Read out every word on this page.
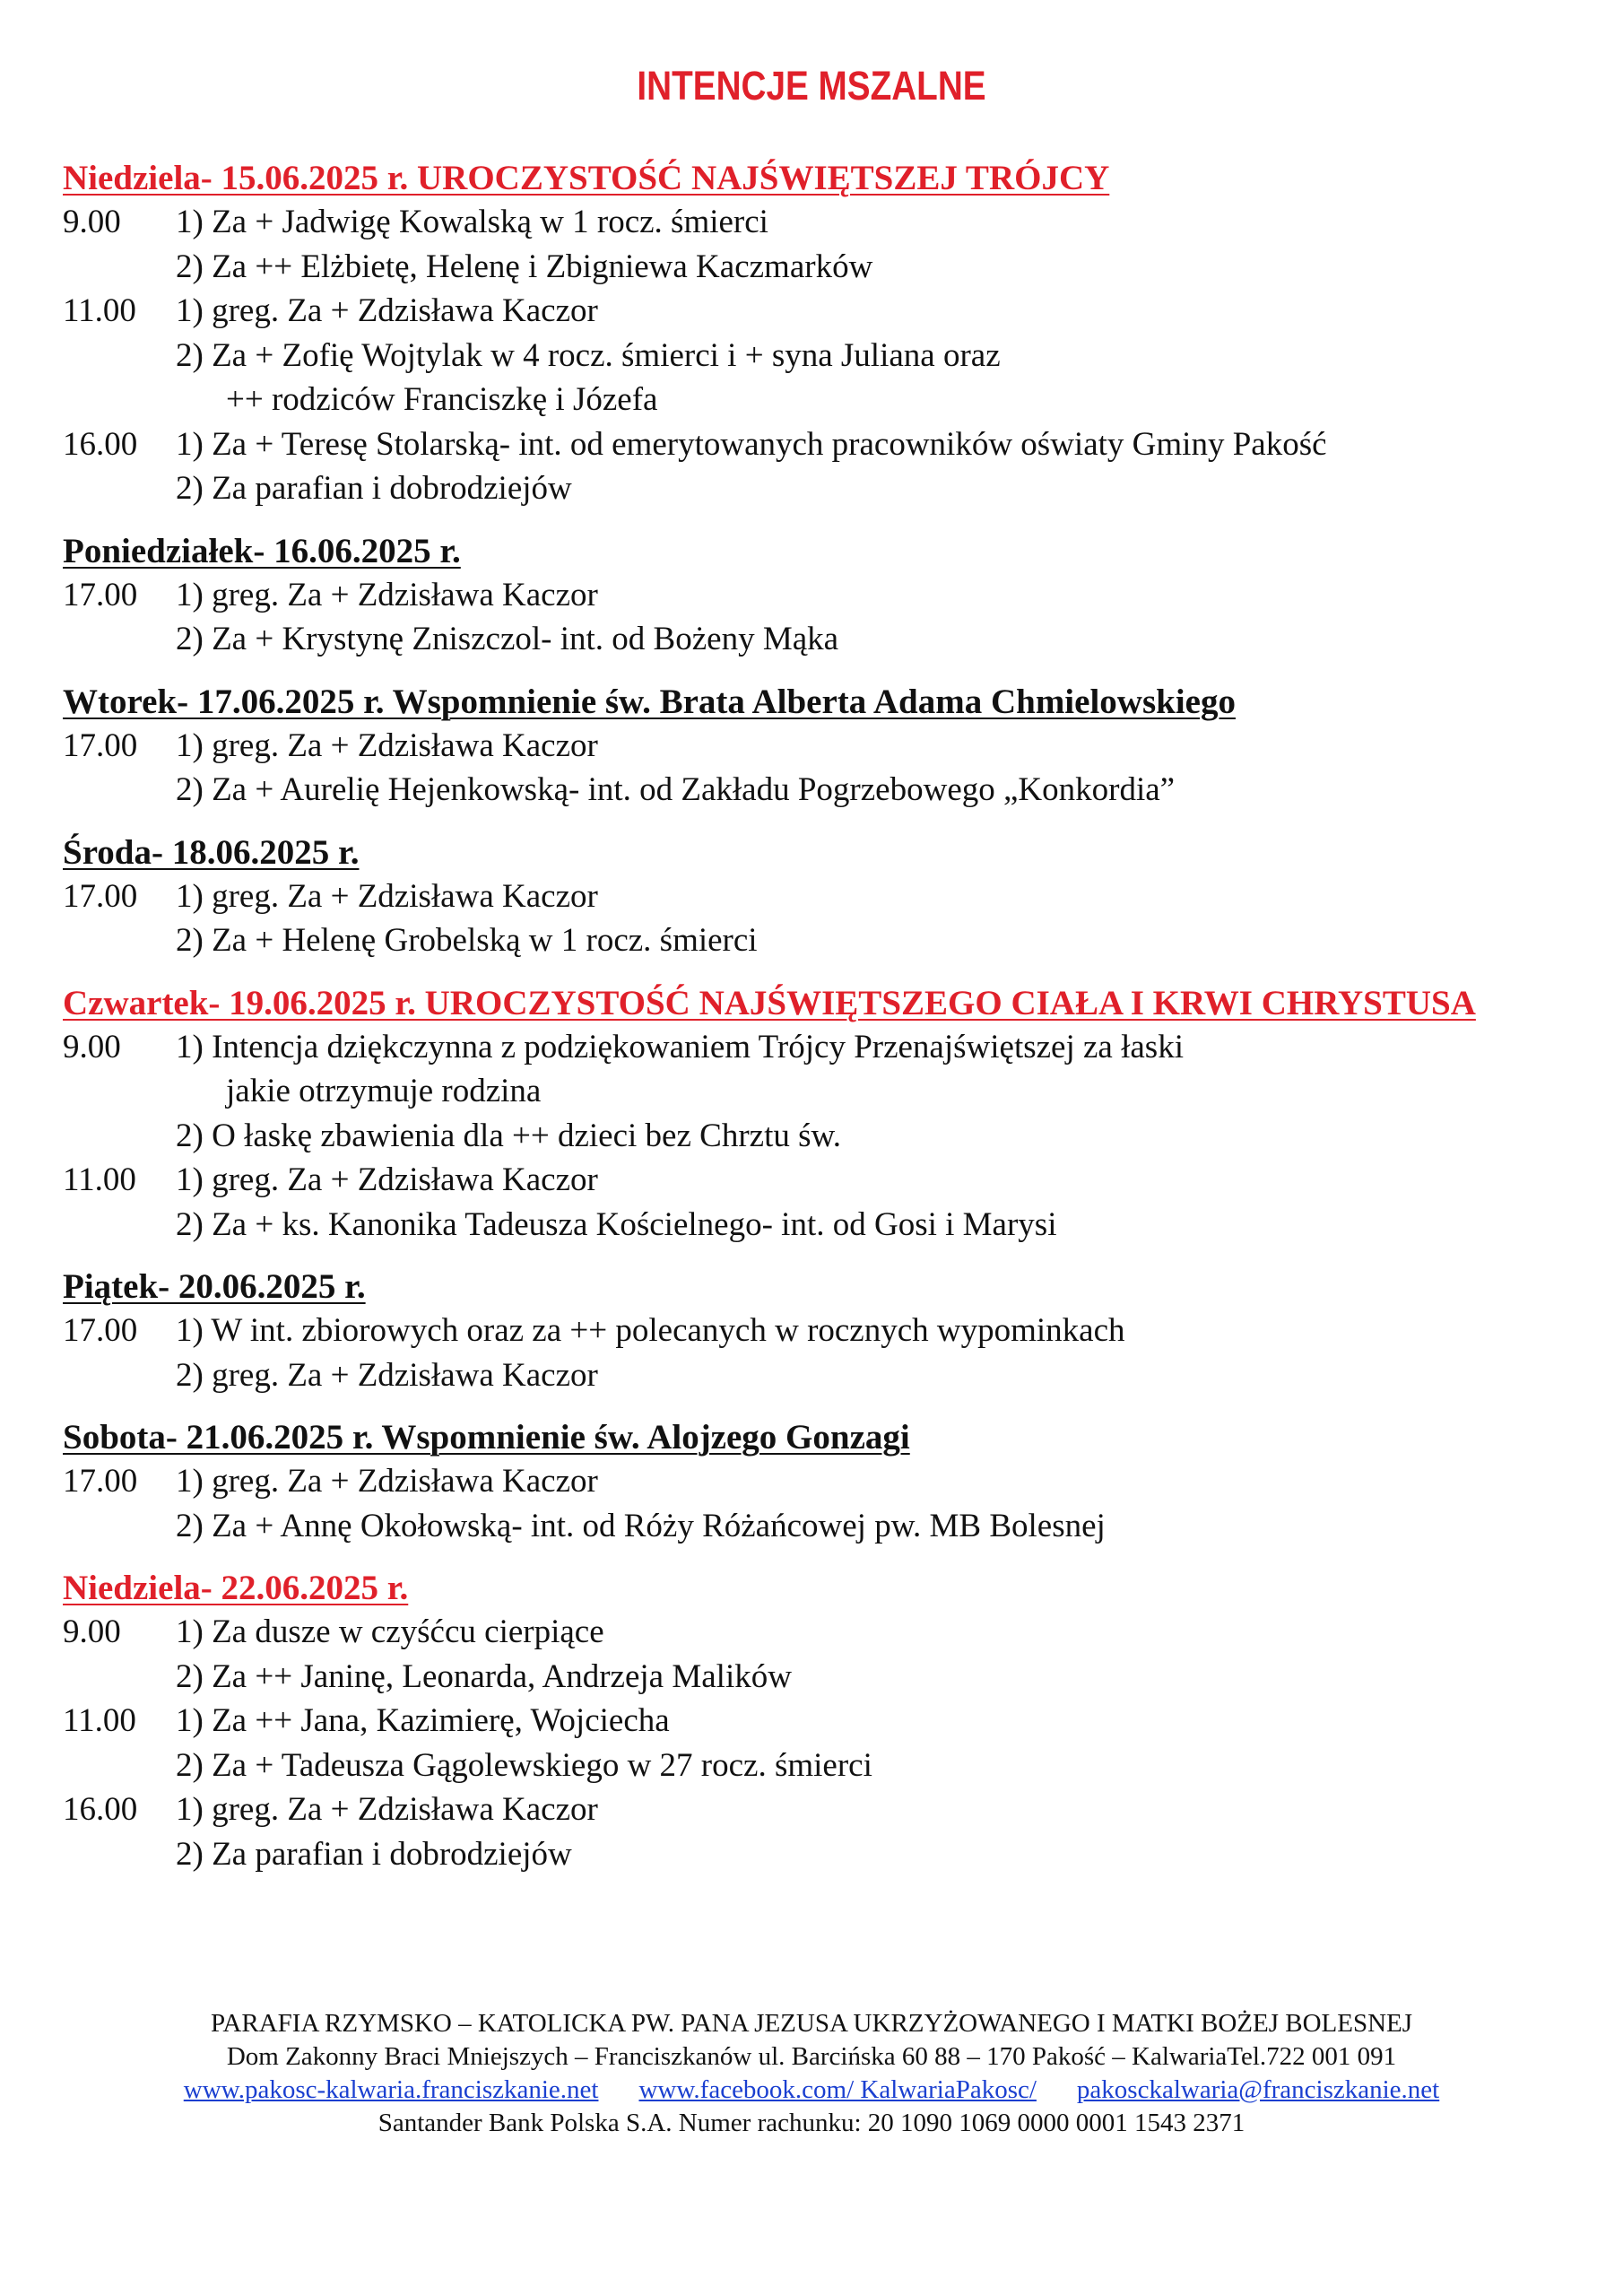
INTENCJE MSZALNE
Niedziela- 15.06.2025 r. UROCZYSTOŚĆ NAJŚWIĘTSZEJ TRÓJCY
9.00 1) Za + Jadwigę Kowalską w 1 rocz. śmierci
2) Za ++ Elżbietę, Helenę i Zbigniewa Kaczmarków
11.00 1) greg. Za + Zdzisława Kaczor
2) Za + Zofię Wojtylak w 4 rocz. śmierci i + syna Juliana oraz
++ rodziców Franciszkę i Józefa
16.00 1) Za + Teresę Stolarską- int. od emerytowanych pracowników oświaty Gminy Pakość
2) Za parafian i dobrodziejów
Poniedziałek- 16.06.2025 r.
17.00 1) greg. Za + Zdzisława Kaczor
2) Za + Krystynę Zniszczol- int. od Bożeny Mąka
Wtorek- 17.06.2025 r. Wspomnienie św. Brata Alberta Adama Chmielowskiego
17.00 1) greg. Za + Zdzisława Kaczor
2) Za + Aurelię Hejenkowską- int. od Zakładu Pogrzebowego „Konkordia”
Środa- 18.06.2025 r.
17.00 1) greg. Za + Zdzisława Kaczor
2) Za + Helenę Grobelską w 1 rocz. śmierci
Czwartek- 19.06.2025 r. UROCZYSTOŚĆ NAJŚWIĘTSZEGO CIAŁA I KRWI CHRYSTUSA
9.00 1) Intencja dziękczynna z podziękowaniem Trójcy Przenajświętszej za łaski
jakie otrzymuje rodzina
2) O łaskę zbawienia dla ++ dzieci bez Chrztu św.
11.00 1) greg. Za + Zdzisława Kaczor
2) Za + ks. Kanonika Tadeusza Kościelnego- int. od Gosi i Marysi
Piątek- 20.06.2025 r.
17.00 1) W int. zbiorowych oraz za ++ polecanych w rocznych wypominkach
2) greg. Za + Zdzisława Kaczor
Sobota- 21.06.2025 r. Wspomnienie św. Alojzego Gonzagi
17.00 1) greg. Za + Zdzisława Kaczor
2) Za + Annę Okołowską- int. od Róży Różańcowej pw. MB Bolesnej
Niedziela- 22.06.2025 r.
9.00 1) Za dusze w czyśćcu cierpiące
2) Za ++ Janinę, Leonarda, Andrzeja Malików
11.00 1) Za ++ Jana, Kazimierę, Wojciecha
2) Za + Tadeusza Gągolewskiego w 27 rocz. śmierci
16.00 1) greg. Za + Zdzisława Kaczor
2) Za parafian i dobrodziejów
PARAFIA RZYMSKO – KATOLICKA PW. PANA JEZUSA UKRZYŻOWANEGO I MATKI BOŻEJ BOLESNEJ
Dom Zakonny Braci Mniejszych – Franciszkanów ul. Barcińska 60 88 – 170 Pakość – KalwariaTel.722 001 091
www.pakosc-kalwaria.franciszkanie.net www.facebook.com/ KalwariaPakosc/ pakosckalwaria@franciszkanie.net
Santander Bank Polska S.A. Numer rachunku: 20 1090 1069 0000 0001 1543 2371
